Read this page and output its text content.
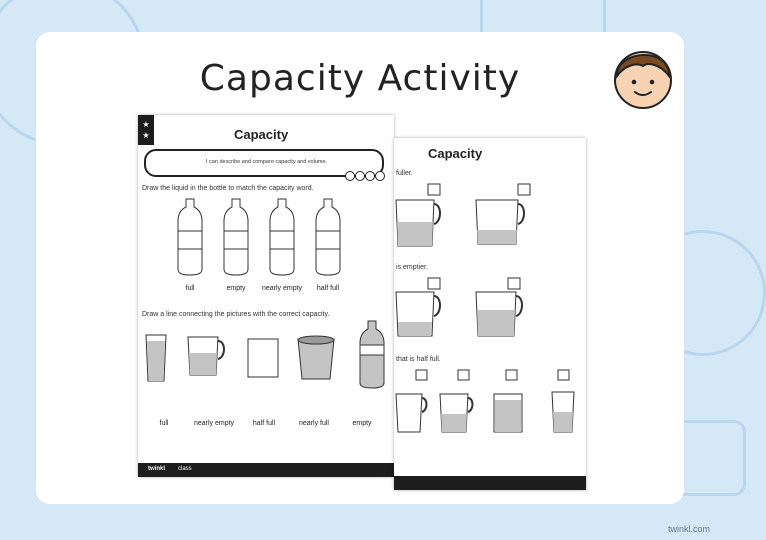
Capacity Activity
★
★	Capacity
I can describe and compare capacity and volume.
Draw the liquid in the bottle to match the capacity word.
full	empty	nearly empty	half full
Draw a line connecting the pictures with the correct capacity.
full	nearly empty	half full	nearly full	empty
twinkl class
Capacity
fuller.
is emptier.
that is half full.
twinkl
twinkl.com
